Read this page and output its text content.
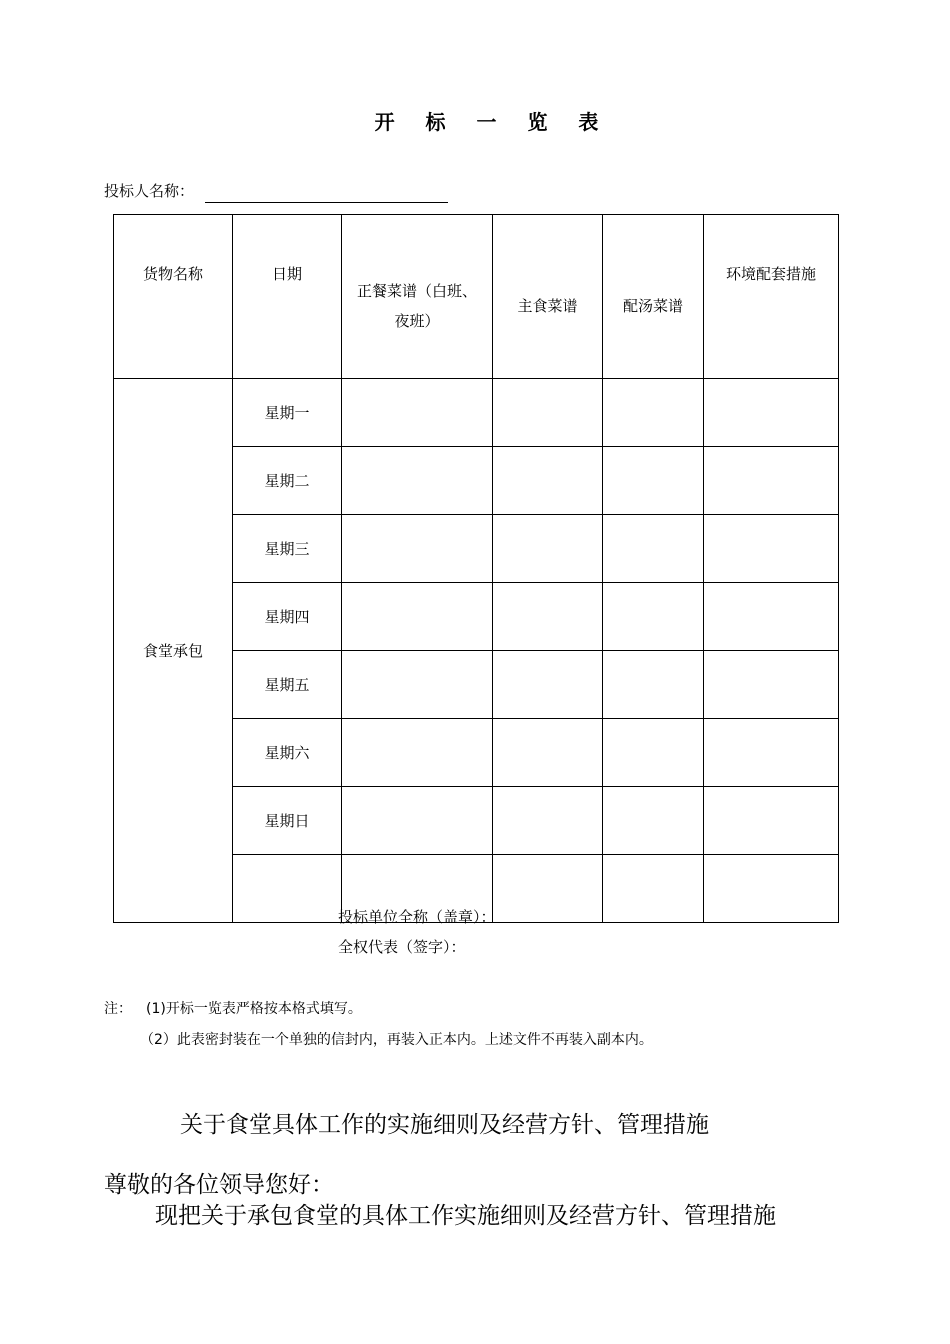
开 标 一 览 表
投标人名称：
货物名称	日期	正餐菜谱（白班、夜班）	主食菜谱	配汤菜谱	环境配套措施
食堂承包	星期一				
	星期二				
	星期三				
	星期四				
	星期五				
	星期六				
	星期日				

投标单位全称（盖章）：
全权代表（签字）：
注： (1)开标一览表严格按本格式填写。
（2）此表密封装在一个单独的信封内，再装入正本内。上述文件不再装入副本内。
关于食堂具体工作的实施细则及经营方针、管理措施
尊敬的各位领导您好：
现把关于承包食堂的具体工作实施细则及经营方针、管理措施
